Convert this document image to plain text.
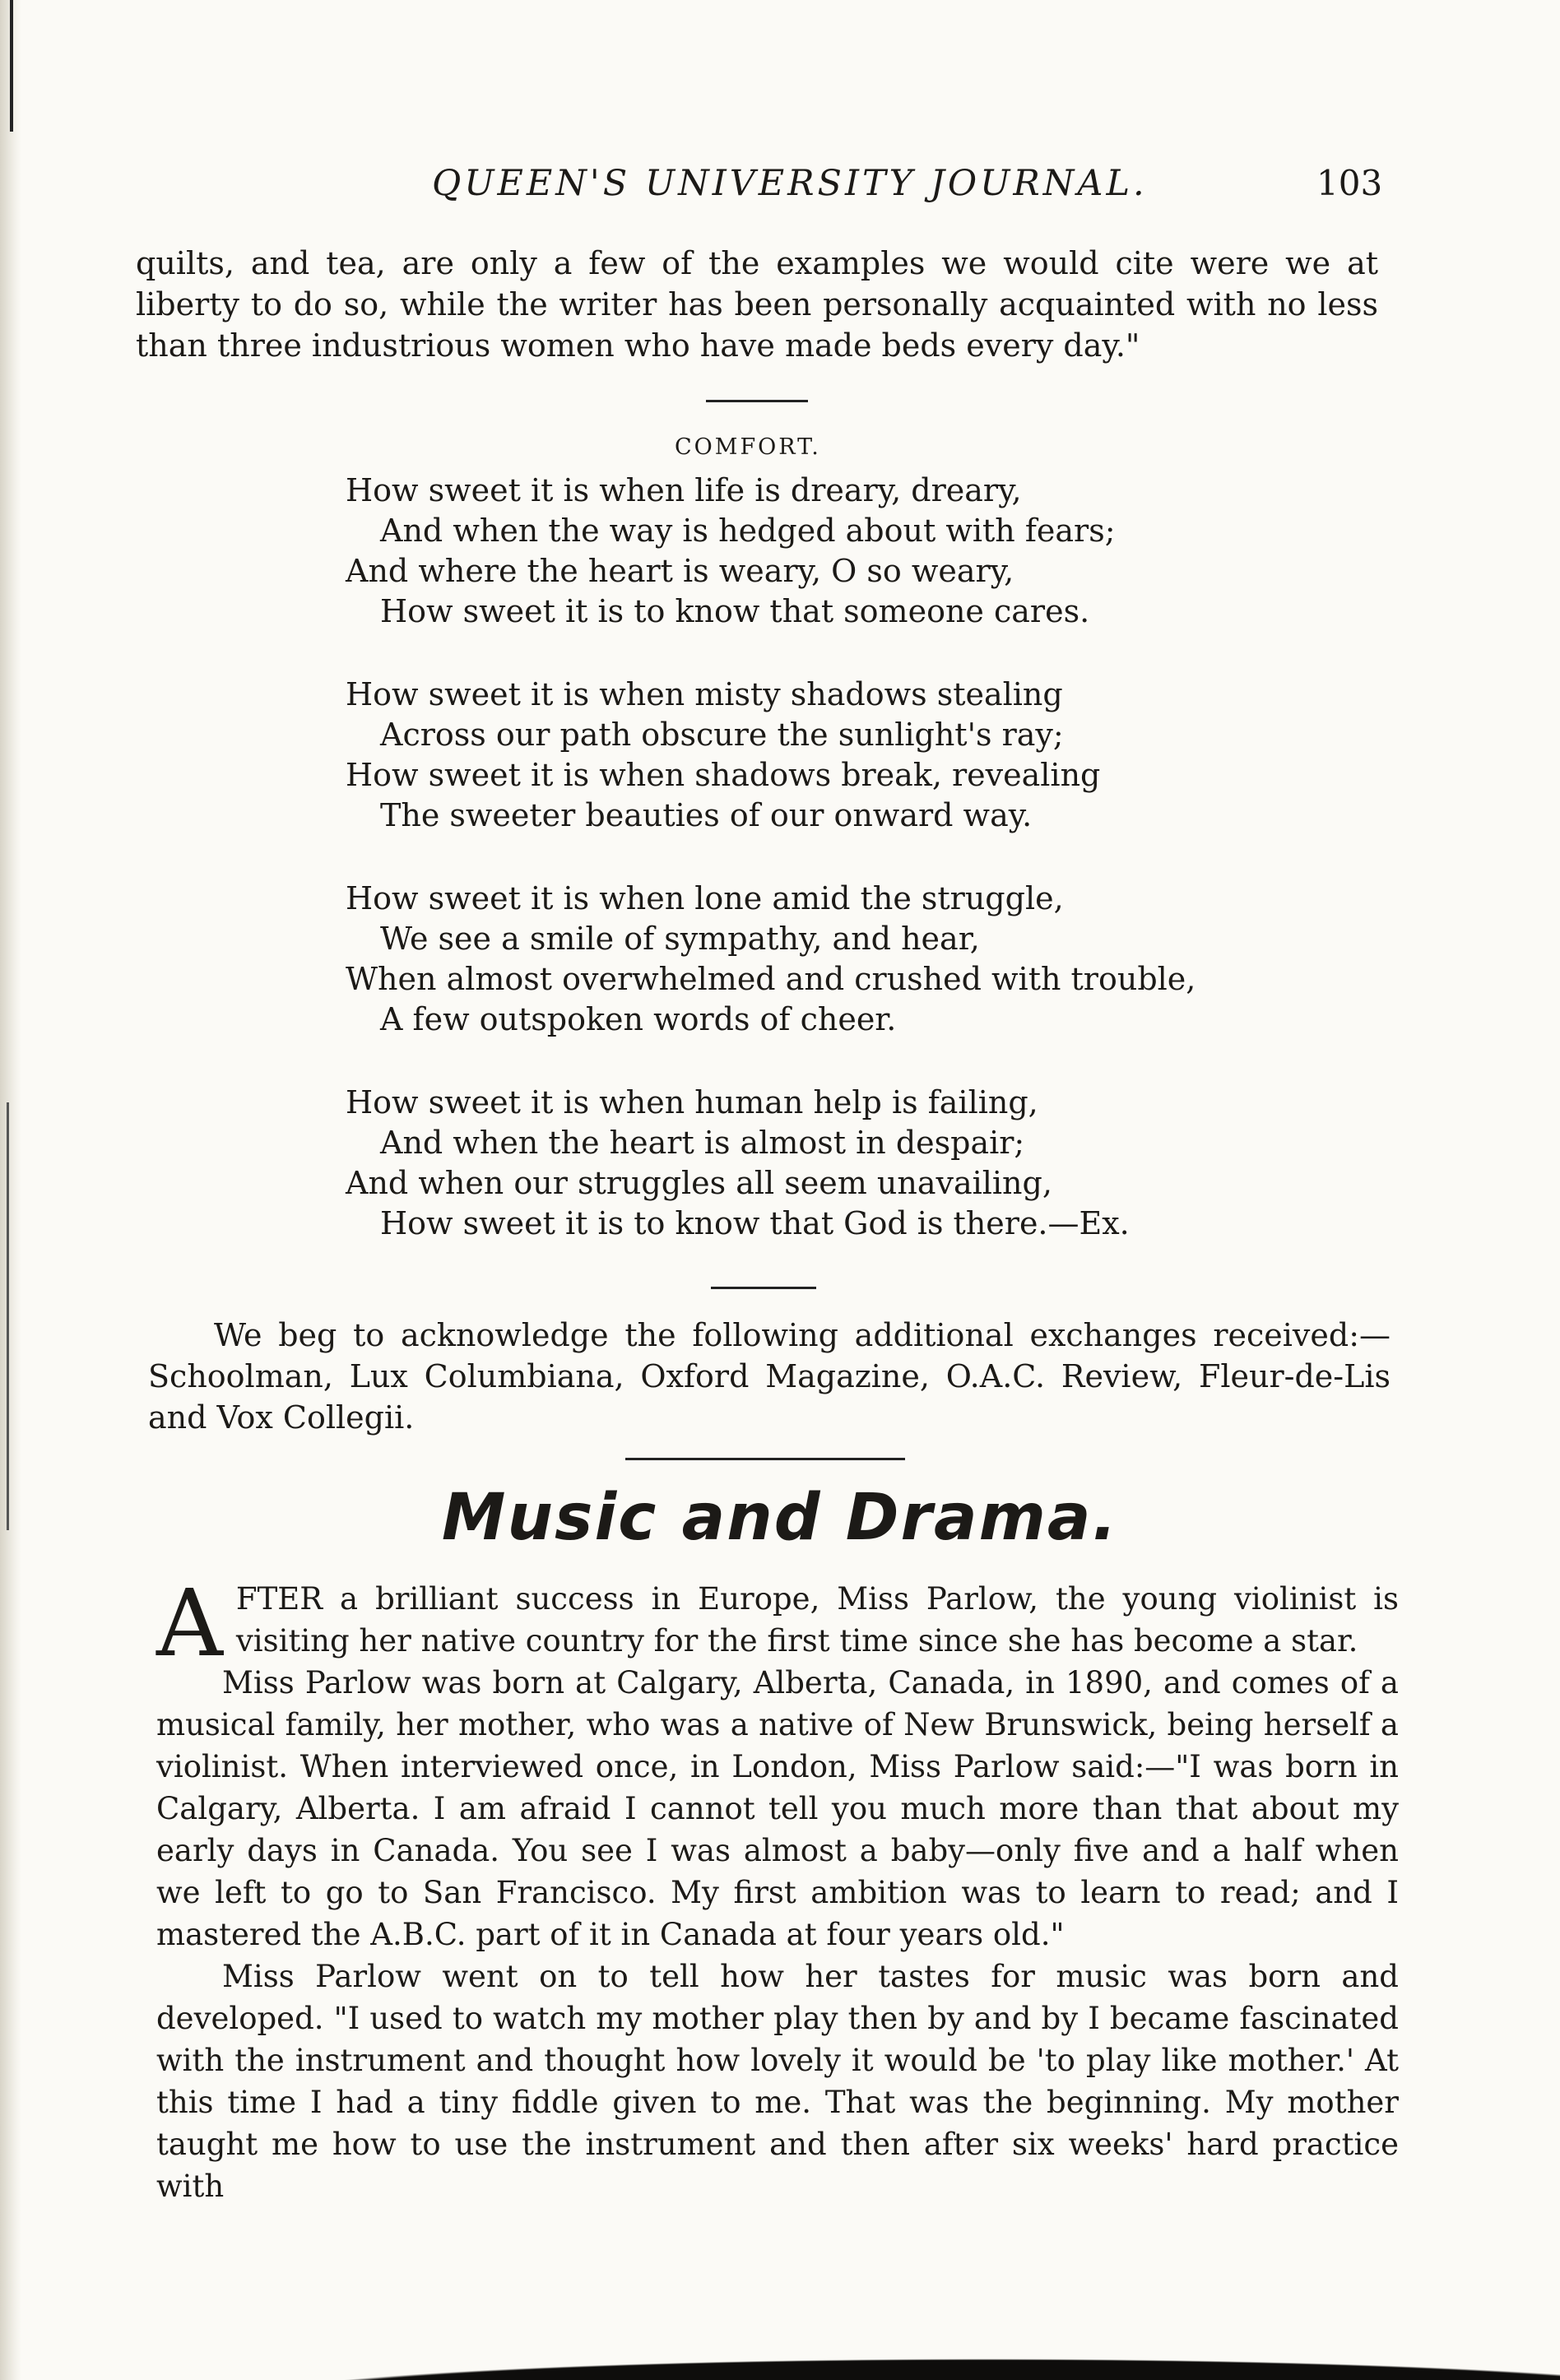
QUEEN'S UNIVERSITY JOURNAL.	103

quilts, and tea, are only a few of the examples we would cite were we at liberty to do so, while the writer has been personally acquainted with no less than three industrious women who have made beds every day."

COMFORT.
How sweet it is when life is dreary, dreary,
And when the way is hedged about with fears;
And where the heart is weary, O so weary,
How sweet it is to know that someone cares.
How sweet it is when misty shadows stealing
Across our path obscure the sunlight's ray;
How sweet it is when shadows break, revealing
The sweeter beauties of our onward way.
How sweet it is when lone amid the struggle,
We see a smile of sympathy, and hear,
When almost overwhelmed and crushed with trouble,
A few outspoken words of cheer.
How sweet it is when human help is failing,
And when the heart is almost in despair;
And when our struggles all seem unavailing,
How sweet it is to know that God is there.—Ex.

We beg to acknowledge the following additional exchanges received:—Schoolman, Lux Columbiana, Oxford Magazine, O.A.C. Review, Fleur-de-Lis and Vox Collegii.

Music and Drama.

A FTER a brilliant success in Europe, Miss Parlow, the young violinist is visiting her native country for the first time since she has become a star.

Miss Parlow was born at Calgary, Alberta, Canada, in 1890, and comes of a musical family, her mother, who was a native of New Brunswick, being herself a violinist. When interviewed once, in London, Miss Parlow said:—"I was born in Calgary, Alberta. I am afraid I cannot tell you much more than that about my early days in Canada. You see I was almost a baby—only five and a half when we left to go to San Francisco. My first ambition was to learn to read; and I mastered the A.B.C. part of it in Canada at four years old."

Miss Parlow went on to tell how her tastes for music was born and developed. "I used to watch my mother play then by and by I became fascinated with the instrument and thought how lovely it would be 'to play like mother.' At this time I had a tiny fiddle given to me. That was the beginning. My mother taught me how to use the instrument and then after six weeks' hard practice with
